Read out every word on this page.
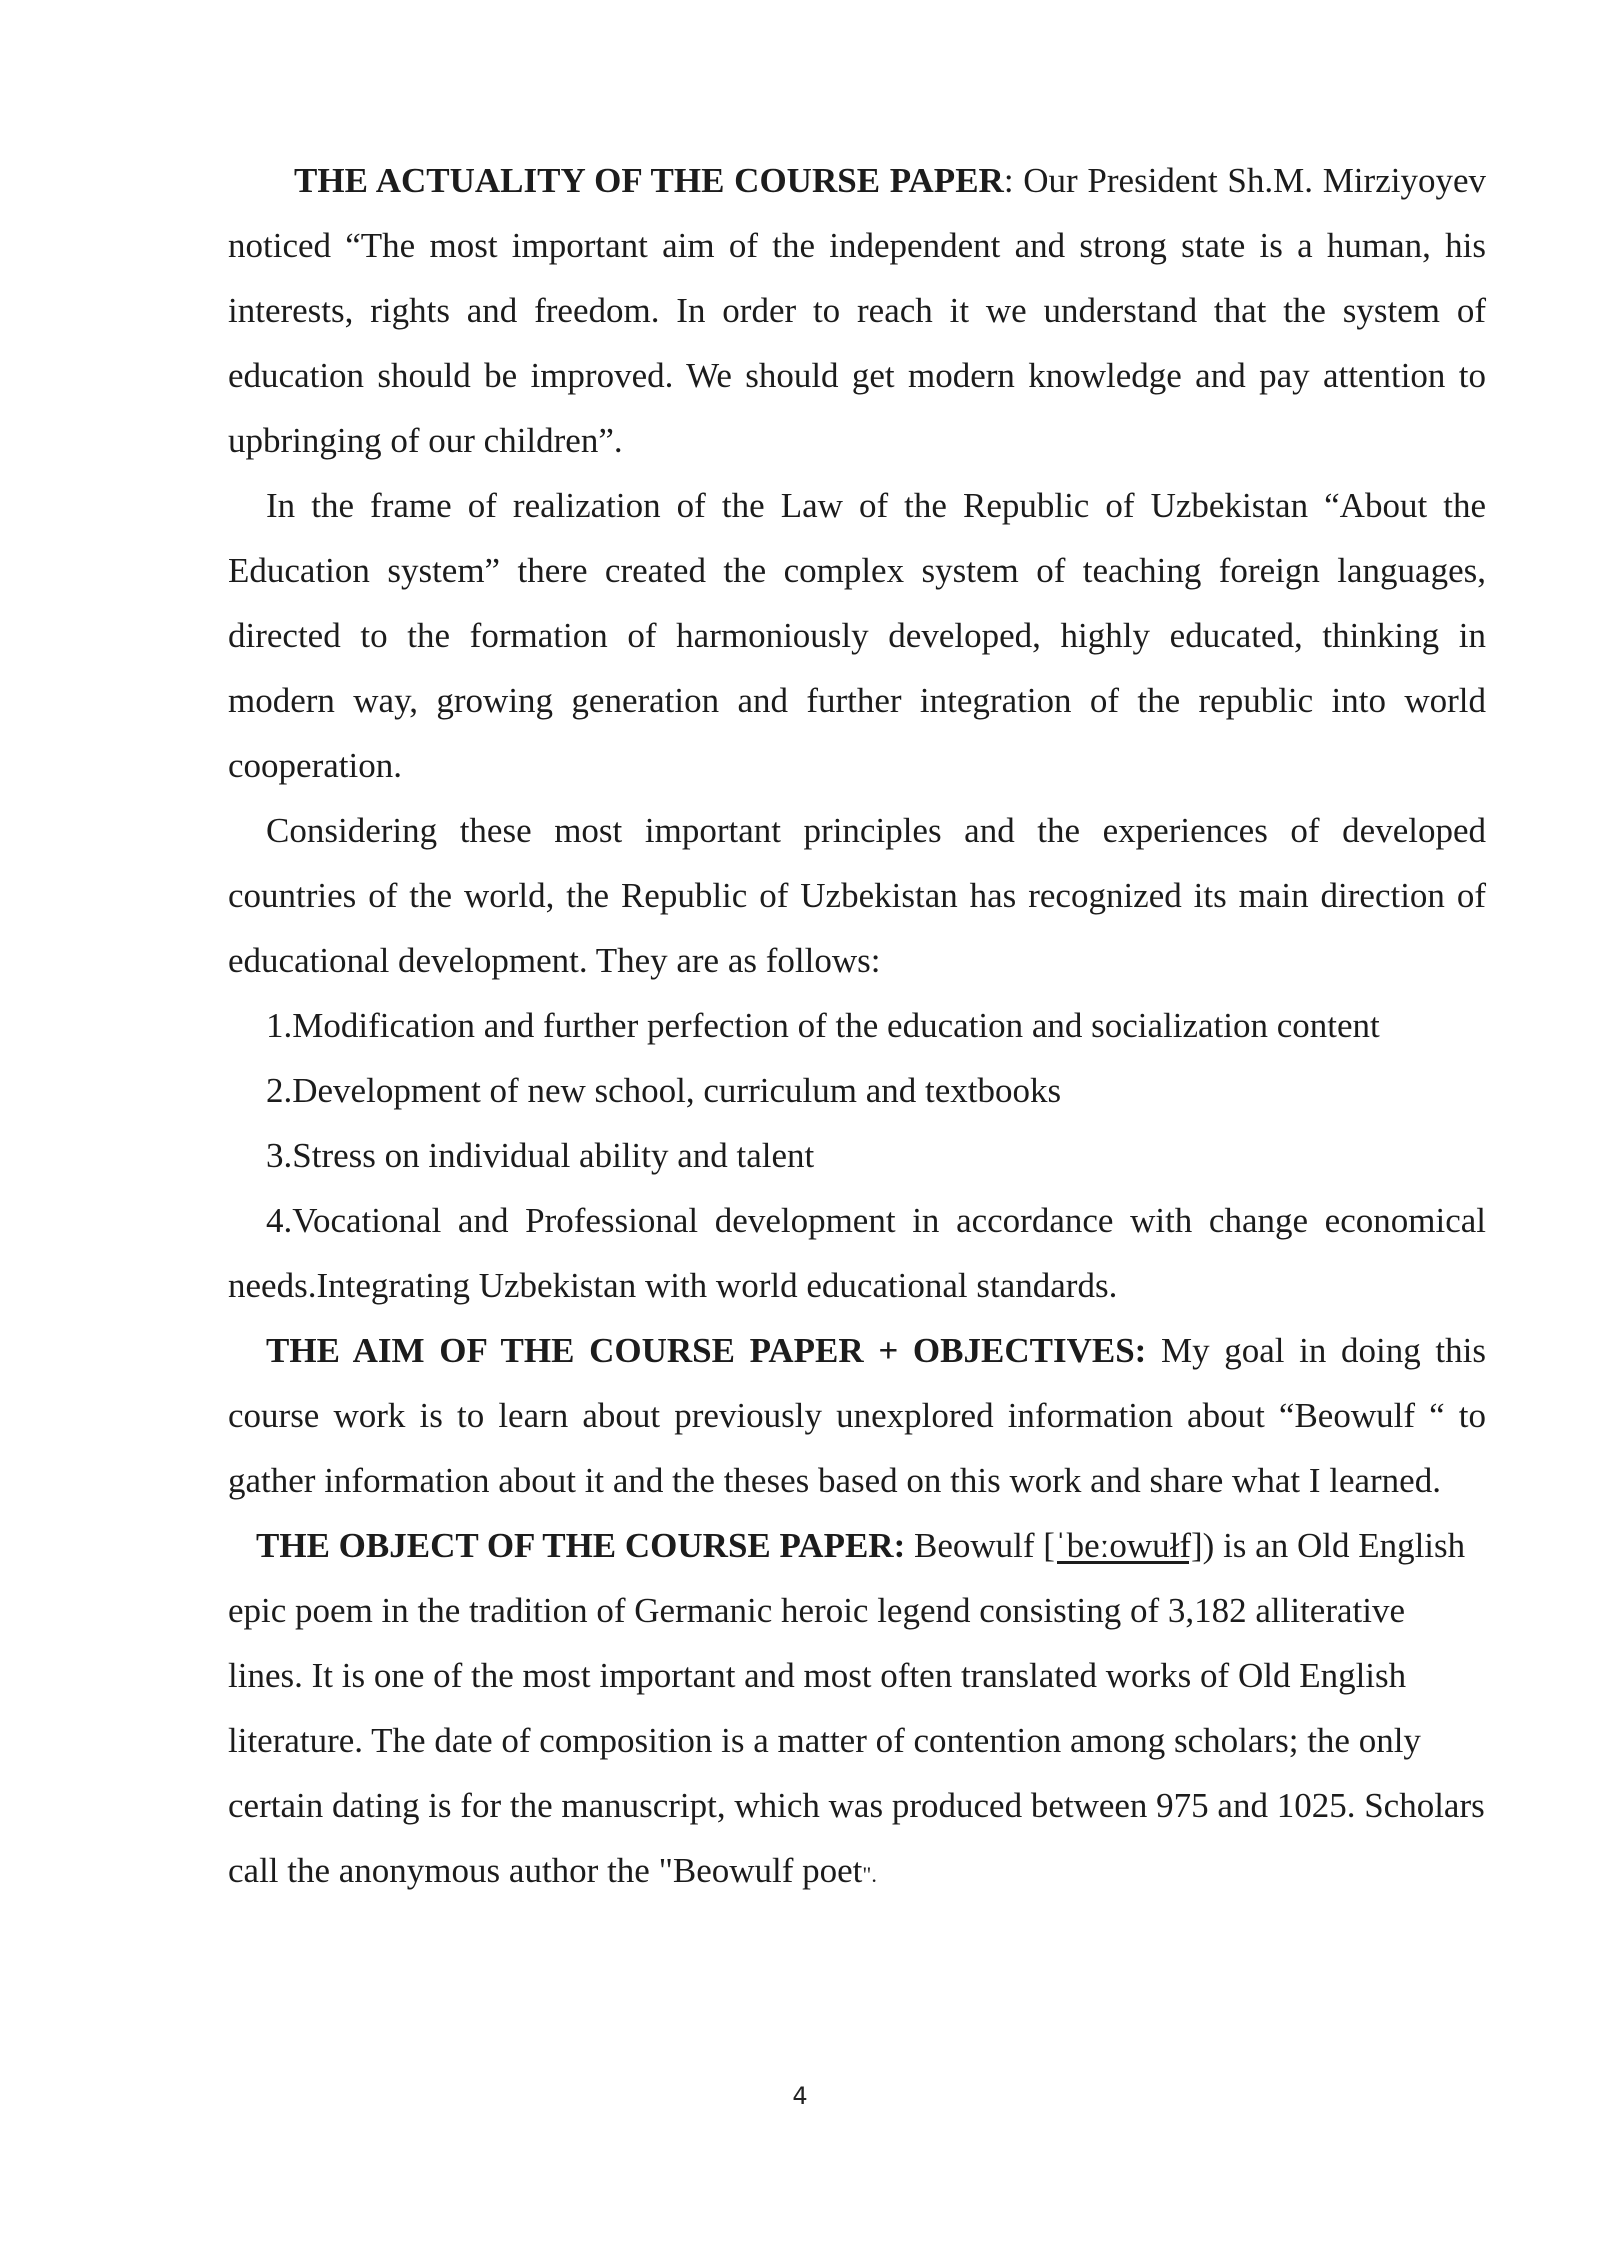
THE ACTUALITY OF THE COURSE PAPER: Our President Sh.M. Mirziyoyev noticed “The most important aim of the independent and strong state is a human, his interests, rights and freedom. In order to reach it we understand that the system of education should be improved. We should get modern knowledge and pay attention to upbringing of our children”.

In the frame of realization of the Law of the Republic of Uzbekistan “About the Education system” there created the complex system of teaching foreign languages, directed to the formation of harmoniously developed, highly educated, thinking in modern way, growing generation and further integration of the republic into world cooperation.

Considering these most important principles and the experiences of developed countries of the world, the Republic of Uzbekistan has recognized its main direction of educational development. They are as follows:

1.Modification and further perfection of the education and socialization content

2.Development of new school, curriculum and textbooks

3.Stress on individual ability and talent

4.Vocational and Professional development in accordance with change economical needs.Integrating Uzbekistan with world educational standards.

THE AIM OF THE COURSE PAPER + OBJECTIVES: My goal in doing this course work is to learn about previously unexplored information about “Beowulf “ to gather information about it and the theses based on this work and share what I learned.

THE OBJECT OF THE COURSE PAPER: Beowulf [ˈbeːowułf]) is an Old English epic poem in the tradition of Germanic heroic legend consisting of 3,182 alliterative lines. It is one of the most important and most often translated works of Old English literature. The date of composition is a matter of contention among scholars; the only certain dating is for the manuscript, which was produced between 975 and 1025. Scholars call the anonymous author the "Beowulf poet".

4
